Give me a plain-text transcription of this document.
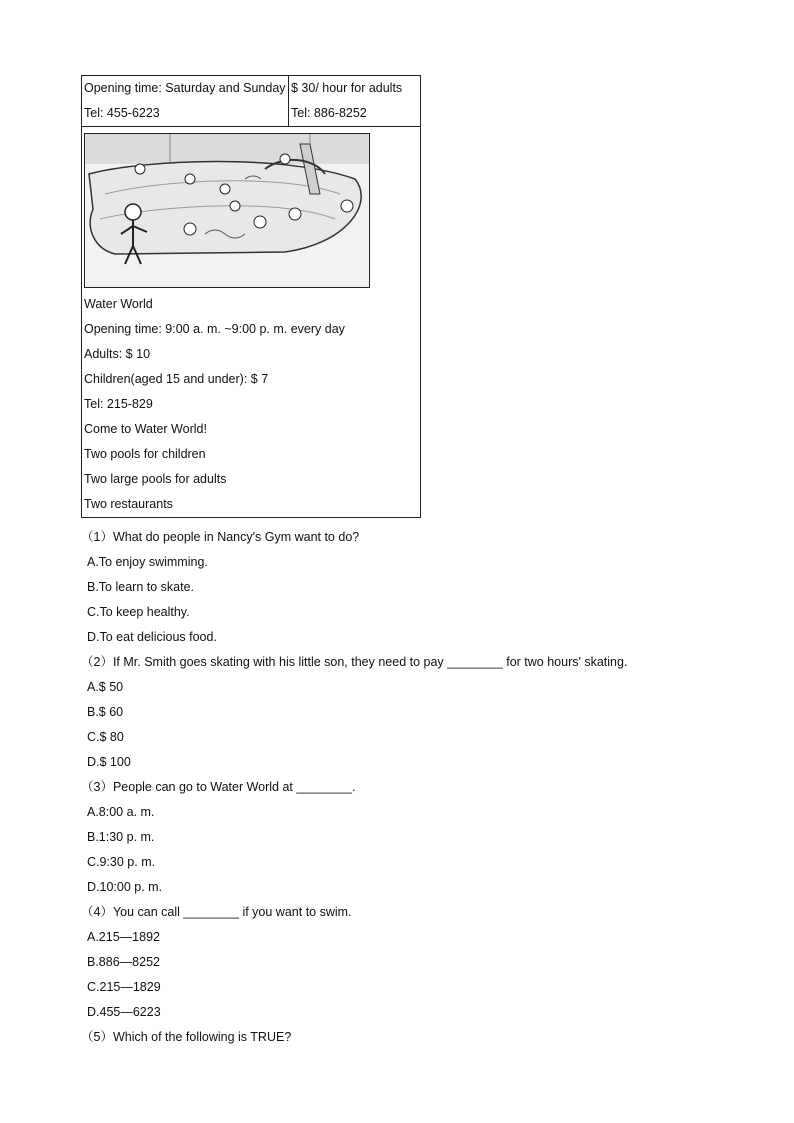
Opening time: Saturday and Sunday
Tel: 455-6223

$ 30/ hour for adults
Tel: 886-8252

Water World
Opening time: 9:00 a. m. ~9:00 p. m. every day
Adults: $ 10
Children(aged 15 and under): $ 7
Tel: 215-829
Come to Water World!
Two pools for children
Two large pools for adults
Two restaurants
（1）What do people in Nancy's Gym want to do?
A.To enjoy swimming.
B.To learn to skate.
C.To keep healthy.
D.To eat delicious food.
（2）If Mr. Smith goes skating with his little son, they need to pay ________ for two hours' skating.
A.$ 50
B.$ 60
C.$ 80
D.$ 100
（3）People can go to Water World at ________.
A.8:00 a. m.
B.1:30 p. m.
C.9:30 p. m.
D.10:00 p. m.
（4）You can call ________ if you want to swim.
A.215—1892
B.886—8252
C.215—1829
D.455—6223
（5）Which of the following is TRUE?
